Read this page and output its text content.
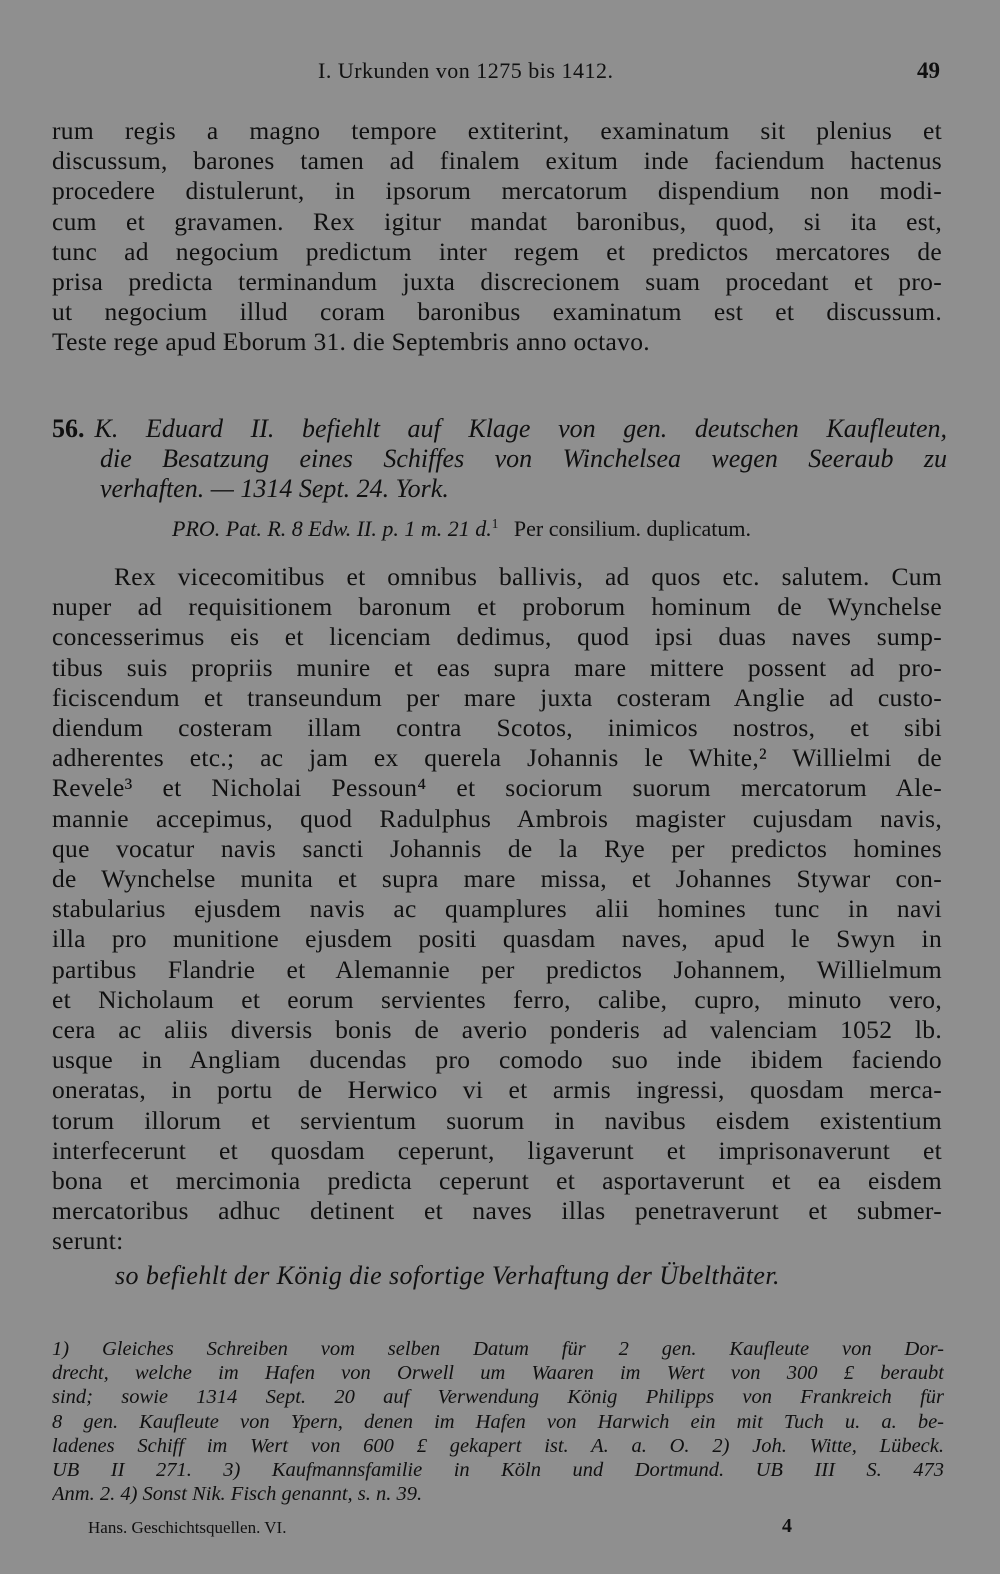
I. Urkunden von 1275 bis 1412.	49
rum regis a magno tempore extiterint, examinatum sit plenius et
discussum, barones tamen ad finalem exitum inde faciendum hactenus
procedere distulerunt, in ipsorum mercatorum dispendium non modi-
cum et gravamen. Rex igitur mandat baronibus, quod, si ita est,
tunc ad negocium predictum inter regem et predictos mercatores de
prisa predicta terminandum juxta discrecionem suam procedant et pro-
ut negocium illud coram baronibus examinatum est et discussum.
Teste rege apud Eborum 31. die Septembris anno octavo.
56. K. Eduard II. befiehlt auf Klage von gen. deutschen Kaufleuten,
die Besatzung eines Schiffes von Winchelsea wegen Seeraub zu
verhaften. — 1314 Sept. 24. York.
PRO. Pat. R. 8 Edw. II. p. 1 m. 21 d.$^1$ Per consilium. duplicatum.
Rex vicecomitibus et omnibus ballivis, ad quos etc. salutem. Cum
nuper ad requisitionem baronum et proborum hominum de Wynchelse
concesserimus eis et licenciam dedimus, quod ipsi duas naves sump-
tibus suis propriis munire et eas supra mare mittere possent ad pro-
ficiscendum et transeundum per mare juxta costeram Anglie ad custo-
diendum costeram illam contra Scotos, inimicos nostros, et sibi
adherentes etc.; ac jam ex querela Johannis le White,² Willielmi de
Revele³ et Nicholai Pessoun⁴ et sociorum suorum mercatorum Ale-
mannie accepimus, quod Radulphus Ambrois magister cujusdam navis,
que vocatur navis sancti Johannis de la Rye per predictos homines
de Wynchelse munita et supra mare missa, et Johannes Stywar con-
stabularius ejusdem navis ac quamplures alii homines tunc in navi
illa pro munitione ejusdem positi quasdam naves, apud le Swyn in
partibus Flandrie et Alemannie per predictos Johannem, Willielmum
et Nicholaum et eorum servientes ferro, calibe, cupro, minuto vero,
cera ac aliis diversis bonis de averio ponderis ad valenciam 1052 lb.
usque in Angliam ducendas pro comodo suo inde ibidem faciendo
oneratas, in portu de Herwico vi et armis ingressi, quosdam merca-
torum illorum et servientum suorum in navibus eisdem existentium
interfecerunt et quosdam ceperunt, ligaverunt et imprisonaverunt et
bona et mercimonia predicta ceperunt et asportaverunt et ea eisdem
mercatoribus adhuc detinent et naves illas penetraverunt et submer-
serunt:
so befiehlt der König die sofortige Verhaftung der Übelthäter.
1) Gleiches Schreiben vom selben Datum für 2 gen. Kaufleute von Dor-
drecht, welche im Hafen von Orwell um Waaren im Wert von 300 £ beraubt
sind; sowie 1314 Sept. 20 auf Verwendung König Philipps von Frankreich für
8 gen. Kaufleute von Ypern, denen im Hafen von Harwich ein mit Tuch u. a. be-
ladenes Schiff im Wert von 600 £ gekapert ist. A. a. O. 2) Joh. Witte, Lübeck.
UB II 271. 3) Kaufmannsfamilie in Köln und Dortmund. UB III S. 473
Anm. 2. 4) Sonst Nik. Fisch genannt, s. n. 39.
Hans. Geschichtsquellen. VI.	4
